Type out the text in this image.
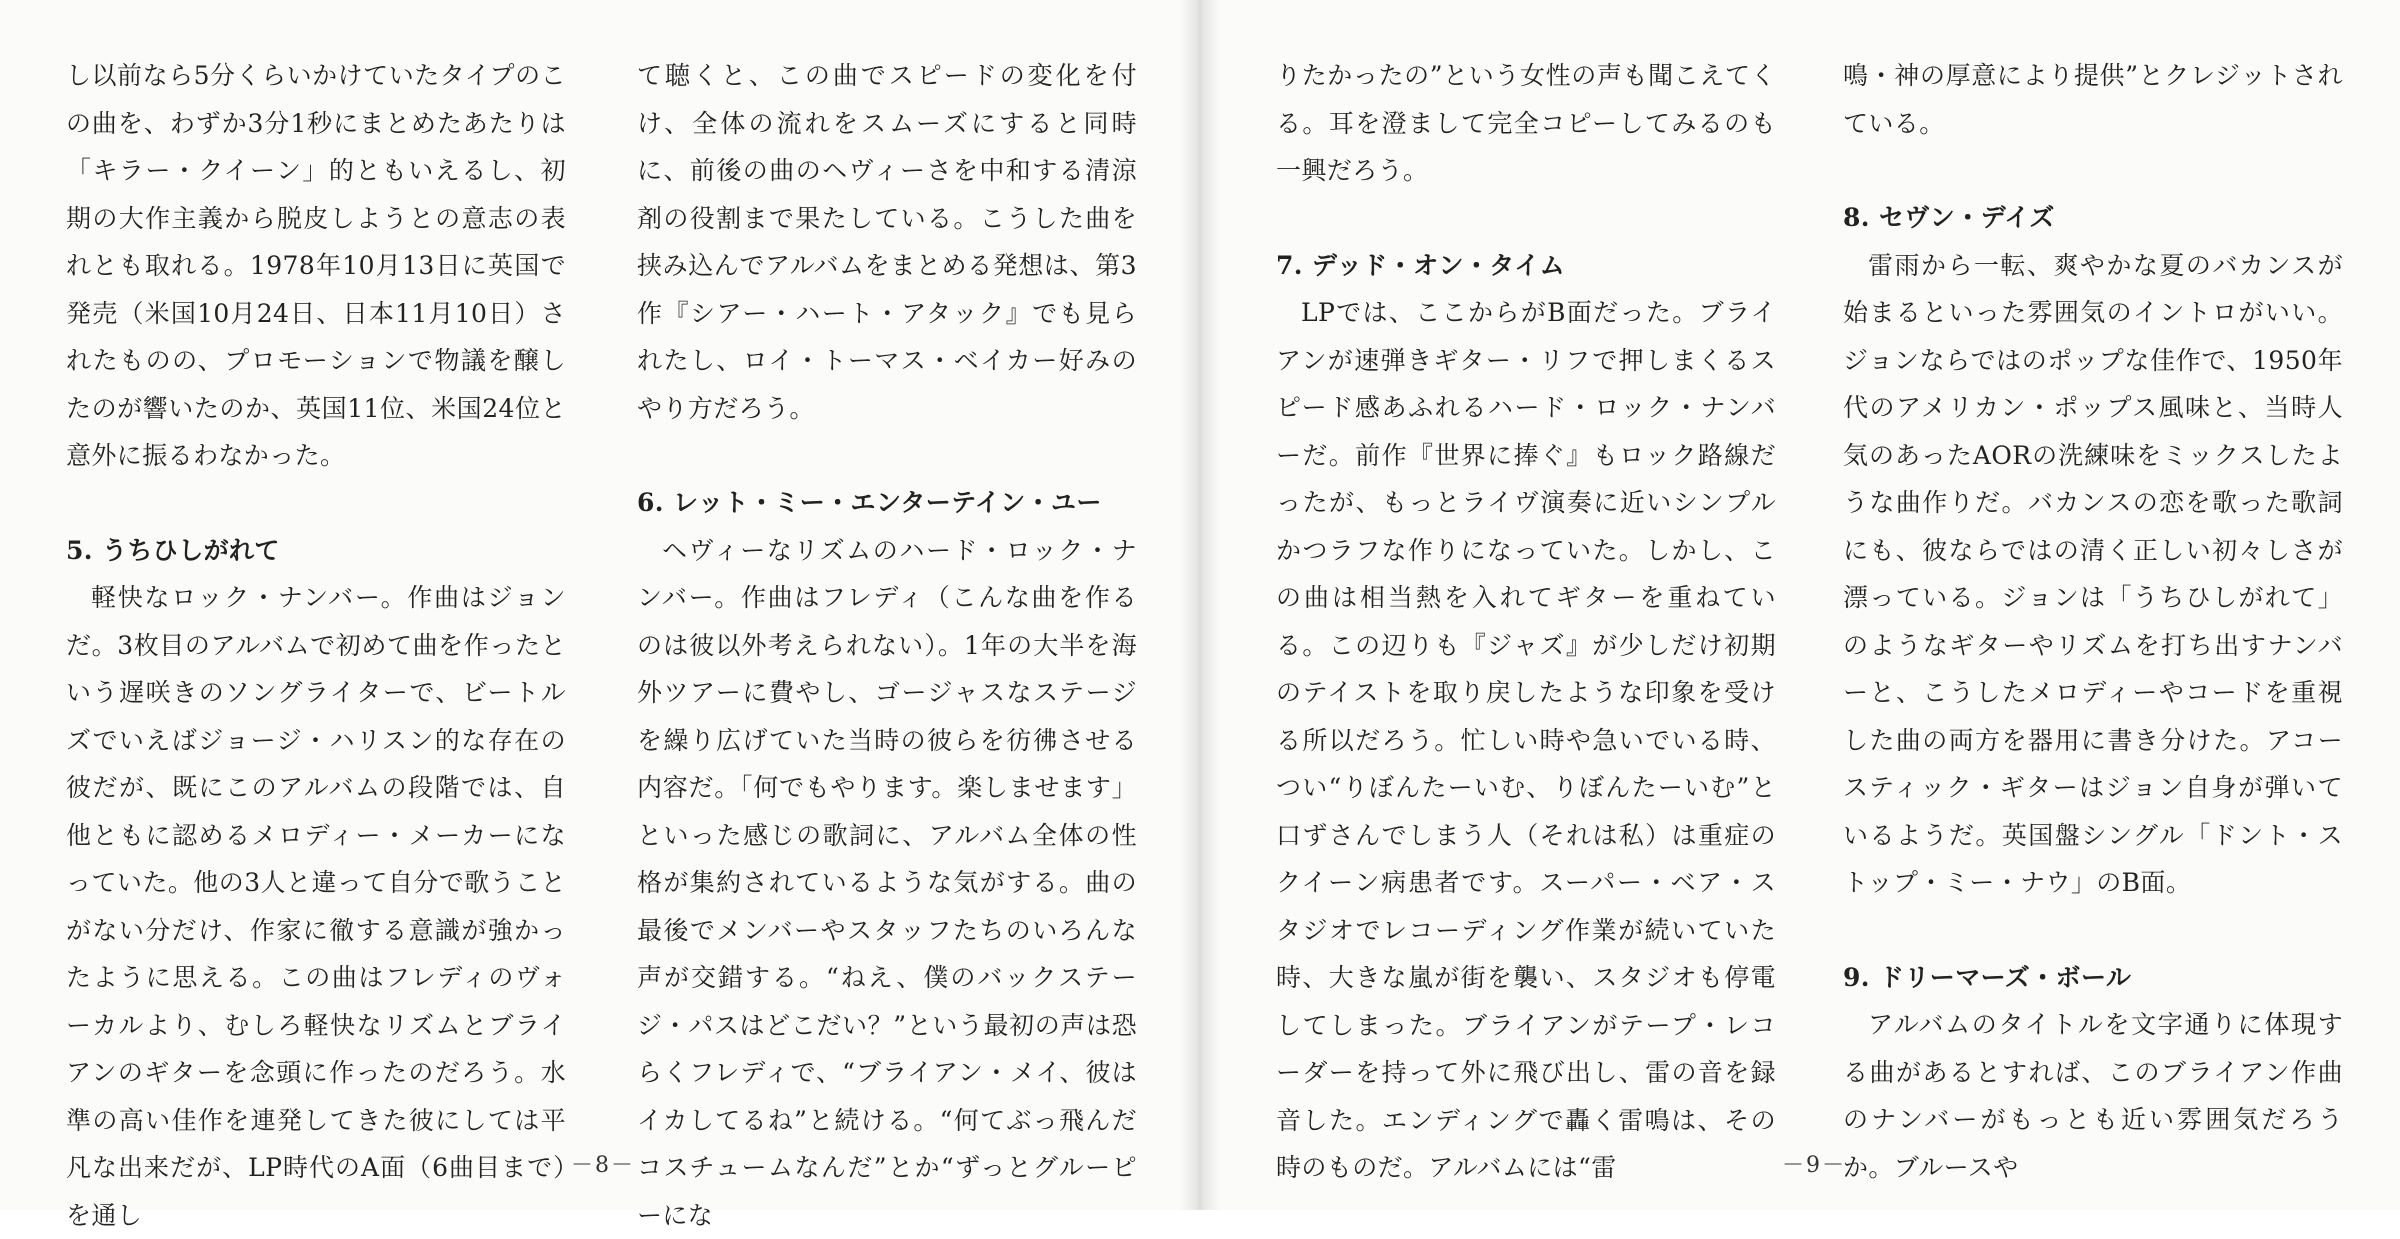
し以前なら5分くらいかけていたタイプのこの曲を、わずか3分1秒にまとめたあたりは「キラー・クイーン」的ともいえるし、初期の大作主義から脱皮しようとの意志の表れとも取れる。1978年10月13日に英国で発売（米国10月24日、日本11月10日）されたものの、プロモーションで物議を醸したのが響いたのか、英国11位、米国24位と意外に振るわなかった。

5. うちひしがれて

軽快なロック・ナンバー。作曲はジョンだ。3枚目のアルバムで初めて曲を作ったという遅咲きのソングライターで、ビートルズでいえばジョージ・ハリスン的な存在の彼だが、既にこのアルバムの段階では、自他ともに認めるメロディー・メーカーになっていた。他の3人と違って自分で歌うことがない分だけ、作家に徹する意識が強かったように思える。この曲はフレディのヴォーカルより、むしろ軽快なリズムとブライアンのギターを念頭に作ったのだろう。水準の高い佳作を連発してきた彼にしては平凡な出来だが、LP時代のA面（6曲目まで）を通し

て聴くと、この曲でスピードの変化を付け、全体の流れをスムーズにすると同時に、前後の曲のヘヴィーさを中和する清涼剤の役割まで果たしている。こうした曲を挟み込んでアルバムをまとめる発想は、第3作『シアー・ハート・アタック』でも見られたし、ロイ・トーマス・ベイカー好みのやり方だろう。

6. レット・ミー・エンターテイン・ユー

ヘヴィーなリズムのハード・ロック・ナンバー。作曲はフレディ（こんな曲を作るのは彼以外考えられない）。1年の大半を海外ツアーに費やし、ゴージャスなステージを繰り広げていた当時の彼らを彷彿させる内容だ。「何でもやります。楽しませます」といった感じの歌詞に、アルバム全体の性格が集約されているような気がする。曲の最後でメンバーやスタッフたちのいろんな声が交錯する。“ねえ、僕のバックステージ・パスはどこだい？”という最初の声は恐らくフレディで、“ブライアン・メイ、彼はイカしてるね”と続ける。“何てぶっ飛んだコスチュームなんだ”とか“ずっとグルーピーにな

－8－

りたかったの”という女性の声も聞こえてくる。耳を澄まして完全コピーしてみるのも一興だろう。

7. デッド・オン・タイム

LPでは、ここからがB面だった。ブライアンが速弾きギター・リフで押しまくるスピード感あふれるハード・ロック・ナンバーだ。前作『世界に捧ぐ』もロック路線だったが、もっとライヴ演奏に近いシンプルかつラフな作りになっていた。しかし、この曲は相当熱を入れてギターを重ねている。この辺りも『ジャズ』が少しだけ初期のテイストを取り戻したような印象を受ける所以だろう。忙しい時や急いでいる時、つい“りぼんたーいむ、りぼんたーいむ”と口ずさんでしまう人（それは私）は重症のクイーン病患者です。スーパー・ベア・スタジオでレコーディング作業が続いていた時、大きな嵐が街を襲い、スタジオも停電してしまった。ブライアンがテープ・レコーダーを持って外に飛び出し、雷の音を録音した。エンディングで轟く雷鳴は、その時のものだ。アルバムには“雷

鳴・神の厚意により提供”とクレジットされている。

8. セヴン・デイズ

雷雨から一転、爽やかな夏のバカンスが始まるといった雰囲気のイントロがいい。ジョンならではのポップな佳作で、1950年代のアメリカン・ポップス風味と、当時人気のあったAORの洗練味をミックスしたような曲作りだ。バカンスの恋を歌った歌詞にも、彼ならではの清く正しい初々しさが漂っている。ジョンは「うちひしがれて」のようなギターやリズムを打ち出すナンバーと、こうしたメロディーやコードを重視した曲の両方を器用に書き分けた。アコースティック・ギターはジョン自身が弾いているようだ。英国盤シングル「ドント・ストップ・ミー・ナウ」のB面。

9. ドリーマーズ・ボール

アルバムのタイトルを文字通りに体現する曲があるとすれば、このブライアン作曲のナンバーがもっとも近い雰囲気だろうか。ブルースや

－9－
